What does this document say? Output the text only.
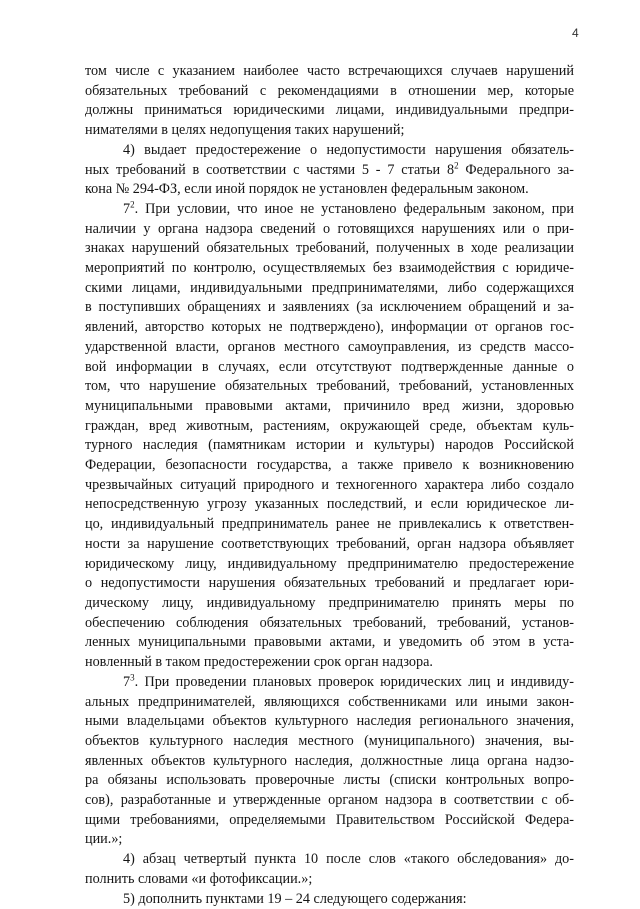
4
том числе с указанием наиболее часто встречающихся случаев нарушений
обязательных требований с рекомендациями в отношении мер, которые
должны приниматься юридическими лицами, индивидуальными предпри-
нимателями в целях недопущения таких нарушений;
4) выдает предостережение о недопустимости нарушения обязатель-
ных требований в соответствии с частями 5 - 7 статьи $8^2$ Федерального за-
кона № 294-ФЗ, если иной порядок не установлен федеральным законом.
$7^2$. При условии, что иное не установлено федеральным законом, при
наличии у органа надзора сведений о готовящихся нарушениях или о при-
знаках нарушений обязательных требований, полученных в ходе реализации
мероприятий по контролю, осуществляемых без взаимодействия с юридиче-
скими лицами, индивидуальными предпринимателями, либо содержащихся
в поступивших обращениях и заявлениях (за исключением обращений и за-
явлений, авторство которых не подтверждено), информации от органов гос-
ударственной власти, органов местного самоуправления, из средств массо-
вой информации в случаях, если отсутствуют подтвержденные данные о
том, что нарушение обязательных требований, требований, установленных
муниципальными правовыми актами, причинило вред жизни, здоровью
граждан, вред животным, растениям, окружающей среде, объектам куль-
турного наследия (памятникам истории и культуры) народов Российской
Федерации, безопасности государства, а также привело к возникновению
чрезвычайных ситуаций природного и техногенного характера либо создало
непосредственную угрозу указанных последствий, и если юридическое ли-
цо, индивидуальный предприниматель ранее не привлекались к ответствен-
ности за нарушение соответствующих требований, орган надзора объявляет
юридическому лицу, индивидуальному предпринимателю предостережение
о недопустимости нарушения обязательных требований и предлагает юри-
дическому лицу, индивидуальному предпринимателю принять меры по
обеспечению соблюдения обязательных требований, требований, установ-
ленных муниципальными правовыми актами, и уведомить об этом в уста-
новленный в таком предостережении срок орган надзора.
$7^3$. При проведении плановых проверок юридических лиц и индивиду-
альных предпринимателей, являющихся собственниками или иными закон-
ными владельцами объектов культурного наследия регионального значения,
объектов культурного наследия местного (муниципального) значения, вы-
явленных объектов культурного наследия, должностные лица органа надзо-
ра обязаны использовать проверочные листы (списки контрольных вопро-
сов), разработанные и утвержденные органом надзора в соответствии с об-
щими требованиями, определяемыми Правительством Российской Федера-
ции.»;
4) абзац четвертый пункта 10 после слов «такого обследования» до-
полнить словами «и фотофиксации.»;
5) дополнить пунктами 19 – 24 следующего содержания:
